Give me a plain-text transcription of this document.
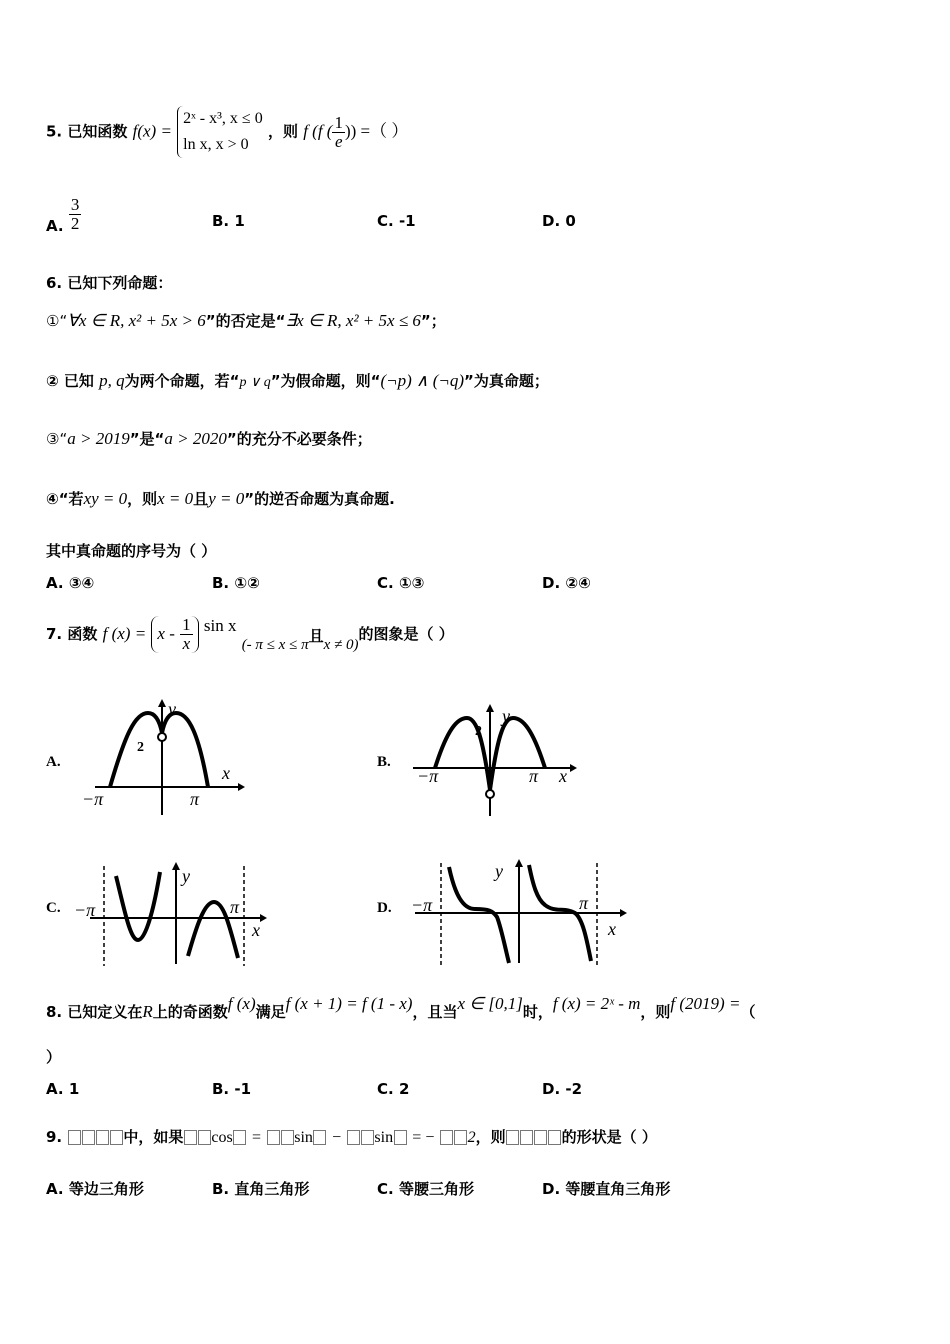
5. 已知函数 f(x) =
2ˣ - x³, x ≤ 0
ln x, x > 0
，则 f (f ( $\frac{1}{e}$ )) =（ ）
A. $\frac{3}{2}$	B. 1	C. -1	D. 0
6. 已知下列命题：
①“∀x ∈ R, x² + 5x > 6”的否定是“∃x ∈ R, x² + 5x ≤ 6”；
② 已知 p, q为两个命题，若“p ∨ q”为假命题，则“(¬p) ∧ (¬q)”为真命题；
③“a > 2019”是“a > 2020”的充分不必要条件；
④“若xy = 0，则x = 0且y = 0”的逆否命题为真命题.
其中真命题的序号为（ ）
A. ③④	B. ①②	C. ①③	D. ②④
7. 函数 f $(x) = x - \frac{1}{x}$ sin x (- π ≤ x ≤ π且x ≠ 0)的图象是（ ）
A.	B.
C.	D.
2
y
x
−π	π
2
y
x
−π	π
y
x
−π	π
y
x
−π	π
8. 已知定义在R上的奇函数f (x)满足f (x + 1) = f (1 - x)，且当x ∈ [0,1]时，f (x) = 2ˣ - m，则f (2019) =（
）
A. 1	B. -1	C. 2	D. -2
9.	中，如果 cos = sin − sin = − 2，则	的形状是（ ）
A. 等边三角形	B. 直角三角形	C. 等腰三角形	D. 等腰直角三角形
